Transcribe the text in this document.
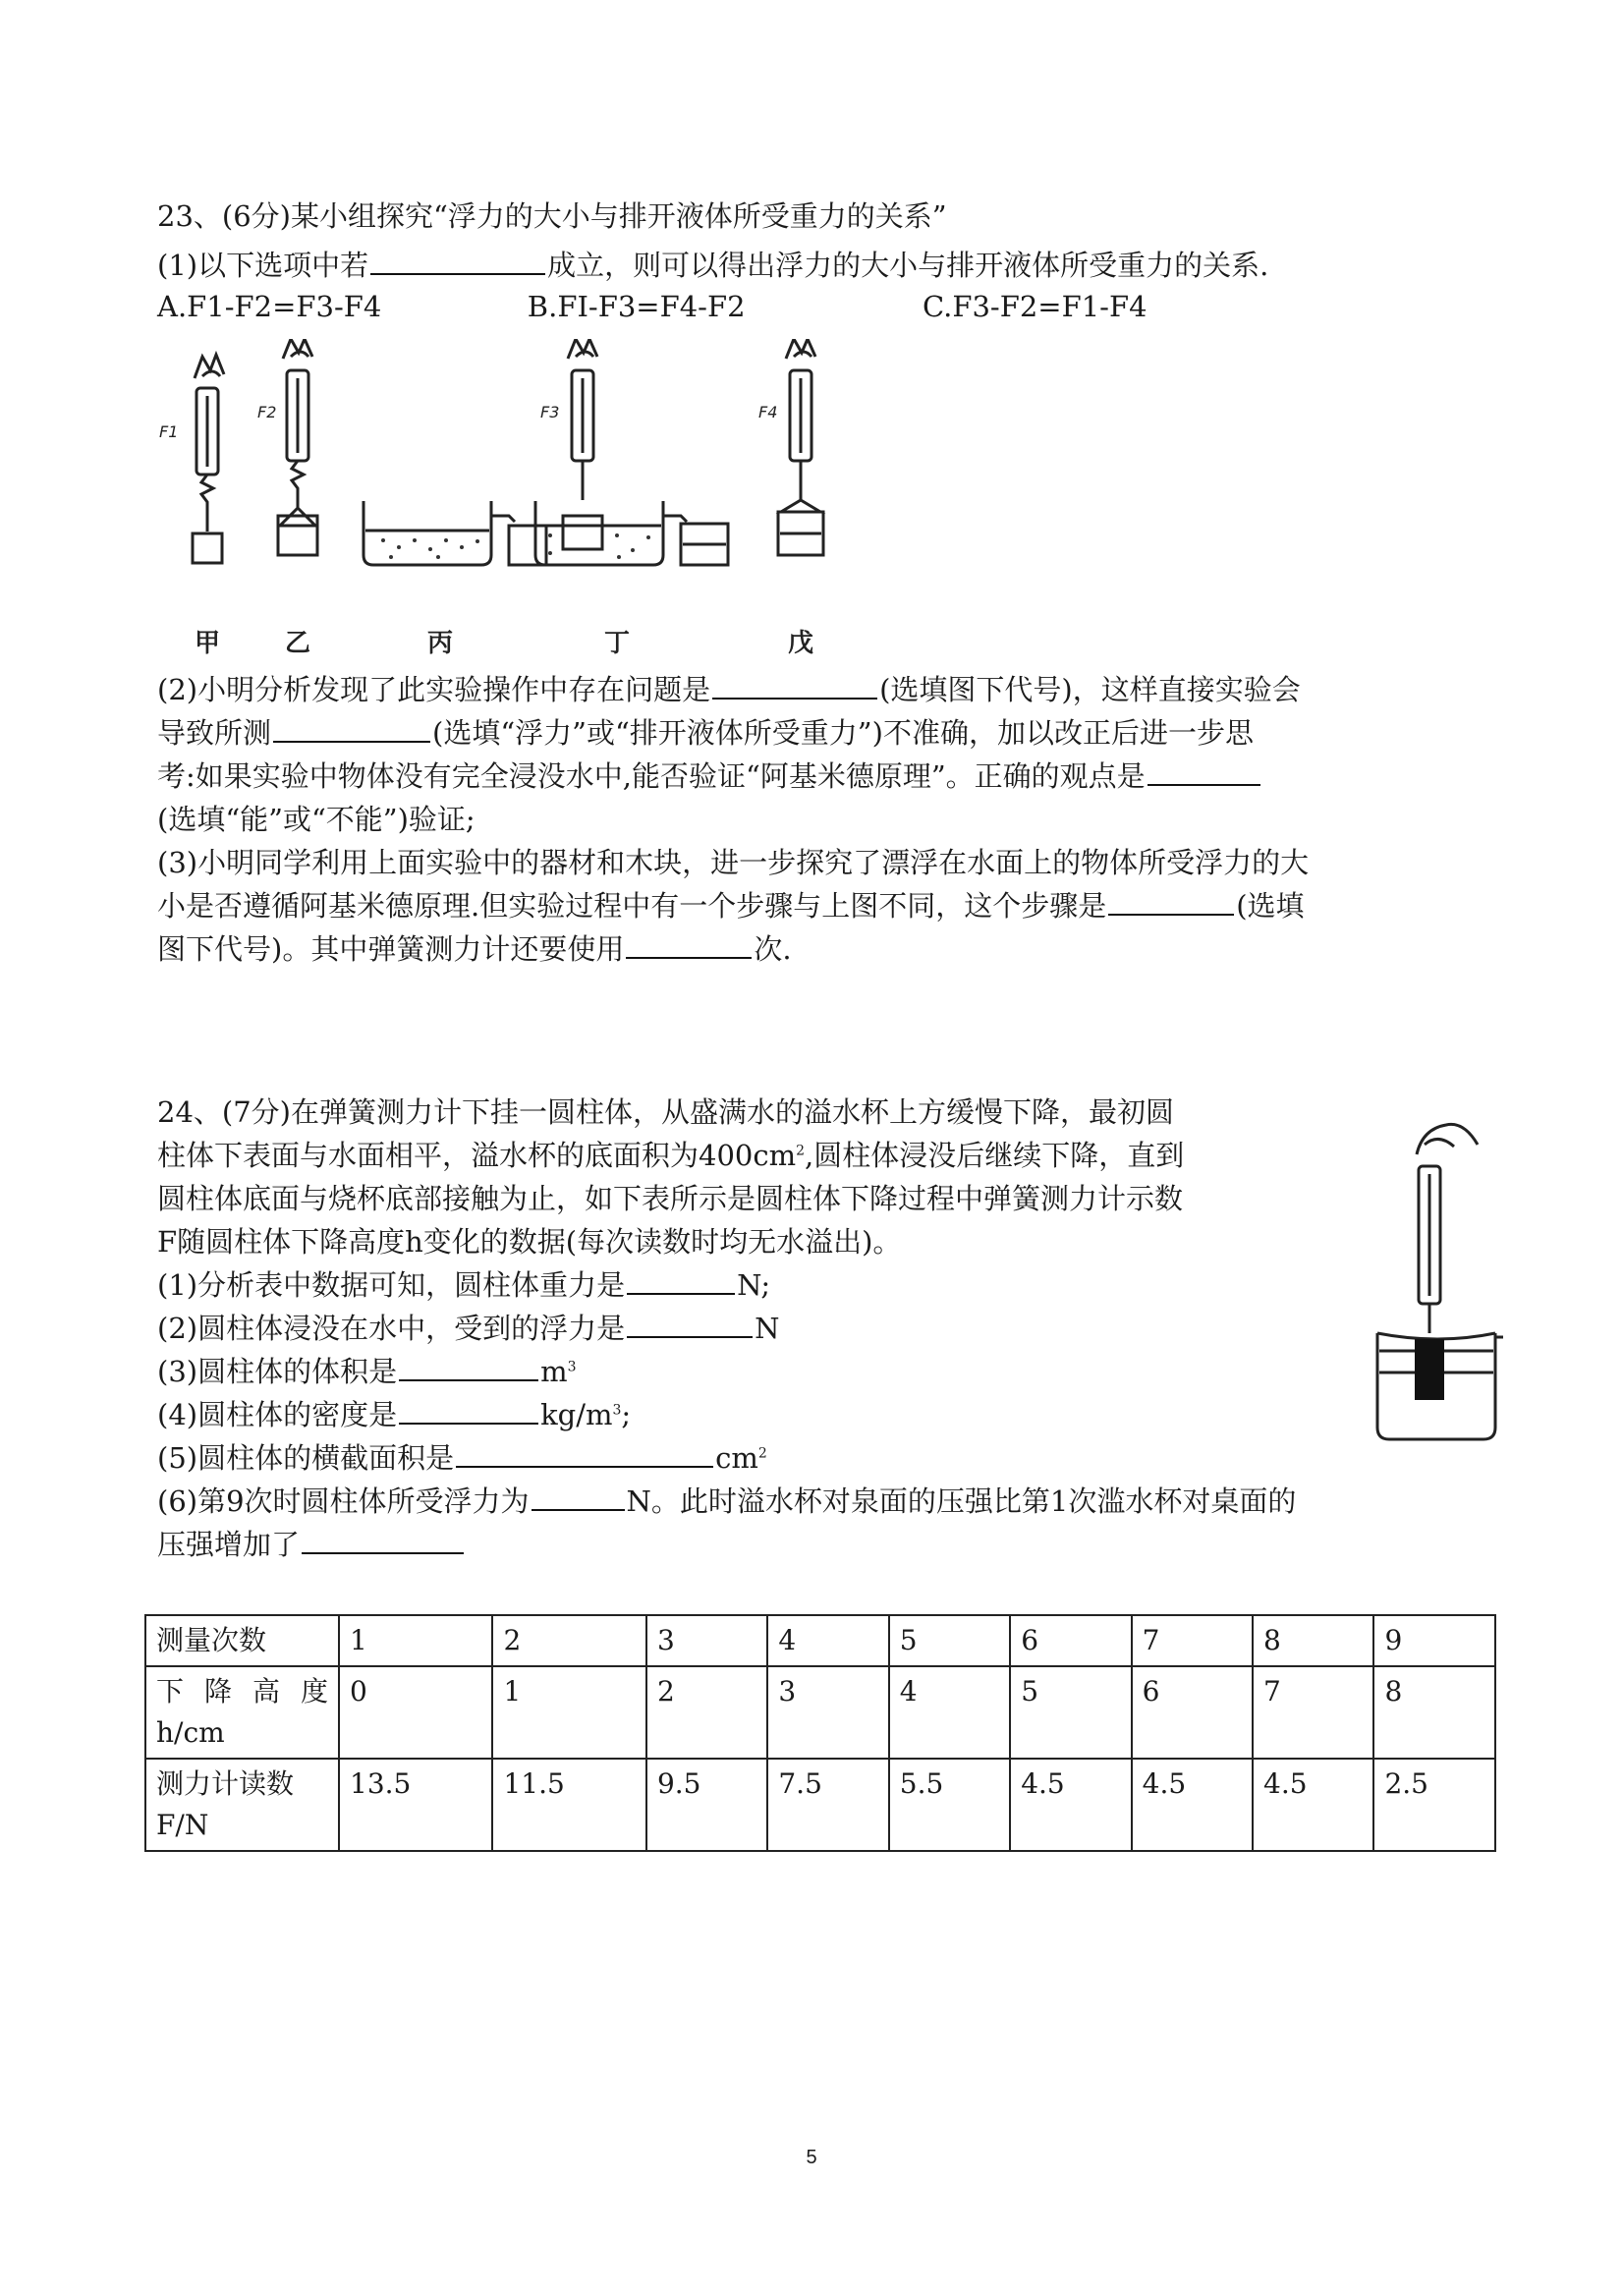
23、(6分)某小组探究“浮力的大小与排开液体所受重力的关系”
(1)以下选项中若	成立，则可以得出浮力的大小与排开液体所受重力的关系.
A.F1-F2=F3-F4	B.FI-F3=F4-F2	C.F3-F2=F1-F4
F1
F2	F3	F4
甲	乙	丙	丁	戊
(2)小明分析发现了此实验操作中存在问题是	(选填图下代号)，这样直接实验会
导致所测	(选填“浮力”或“排开液体所受重力”)不准确，加以改正后进一步思
考:如果实验中物体没有完全浸没水中,能否验证“阿基米德原理”。正确的观点是
(选填“能”或“不能”)验证;
(3)小明同学利用上面实验中的器材和木块，进一步探究了漂浮在水面上的物体所受浮力的大
小是否遵循阿基米德原理.但实验过程中有一个步骤与上图不同，这个步骤是	(选填
图下代号)。其中弹簧测力计还要使用	次.
24、(7分)在弹簧测力计下挂一圆柱体，从盛满水的溢水杯上方缓慢下降，最初圆
柱体下表面与水面相平，溢水杯的底面积为$400cm^2$,圆柱体浸没后继续下降，直到
圆柱体底面与烧杯底部接触为止，如下表所示是圆柱体下降过程中弹簧测力计示数
F随圆柱体下降高度h变化的数据(每次读数时均无水溢出)。
(1)分析表中数据可知，圆柱体重力是	N;
(2)圆柱体浸没在水中，受到的浮力是	N
(3)圆柱体的体积是	$m^3$
(4)圆柱体的密度是	$kg/m^3$;
(5)圆柱体的横截面积是	$cm^2$
(6)第9次时圆柱体所受浮力为	N。此时溢水杯对泉面的压强比第1次滥水杯对桌面的
压强增加了
测量次数	1	2	3	4	5	6	7	8	9
下降高度h/cm	0	1	2	3	4	5	6	7	8
测力计读数F/N	13.5	11.5	9.5	7.5	5.5	4.5	4.5	4.5	2.5
5
